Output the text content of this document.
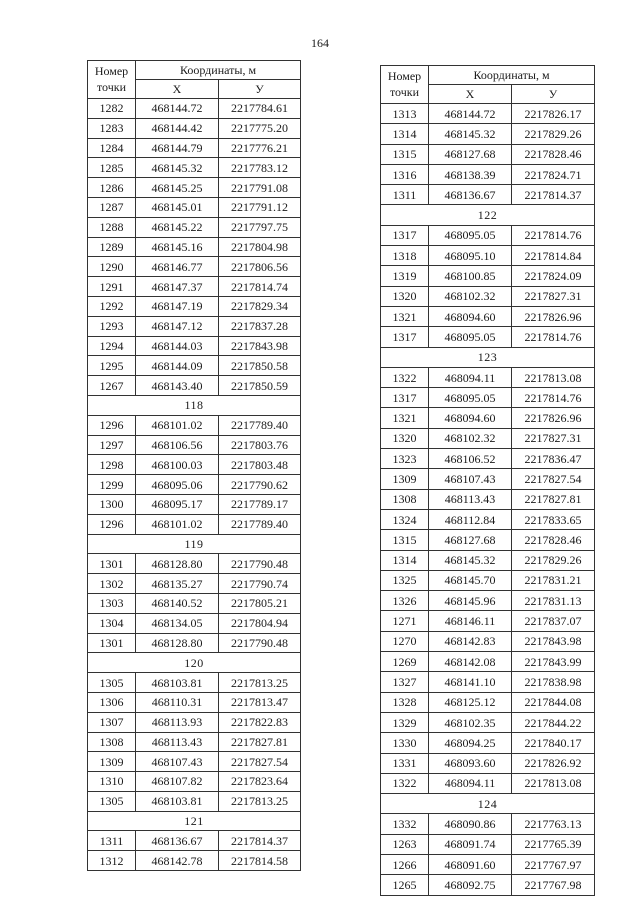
164
Номер
точки	Координаты, м	
	X	У
1282	468144.72	2217784.61
1283	468144.42	2217775.20
1284	468144.79	2217776.21
1285	468145.32	2217783.12
1286	468145.25	2217791.08
1287	468145.01	2217791.12
1288	468145.22	2217797.75
1289	468145.16	2217804.98
1290	468146.77	2217806.56
1291	468147.37	2217814.74
1292	468147.19	2217829.34
1293	468147.12	2217837.28
1294	468144.03	2217843.98
1295	468144.09	2217850.58
1267	468143.40	2217850.59
118		
1296	468101.02	2217789.40
1297	468106.56	2217803.76
1298	468100.03	2217803.48
1299	468095.06	2217790.62
1300	468095.17	2217789.17
1296	468101.02	2217789.40
119		
1301	468128.80	2217790.48
1302	468135.27	2217790.74
1303	468140.52	2217805.21
1304	468134.05	2217804.94
1301	468128.80	2217790.48
120		
1305	468103.81	2217813.25
1306	468110.31	2217813.47
1307	468113.93	2217822.83
1308	468113.43	2217827.81
1309	468107.43	2217827.54
1310	468107.82	2217823.64
1305	468103.81	2217813.25
121		
1311	468136.67	2217814.37
1312	468142.78	2217814.58
Номер
точки	Координаты, м	
	X	У
1313	468144.72	2217826.17
1314	468145.32	2217829.26
1315	468127.68	2217828.46
1316	468138.39	2217824.71
1311	468136.67	2217814.37
122		
1317	468095.05	2217814.76
1318	468095.10	2217814.84
1319	468100.85	2217824.09
1320	468102.32	2217827.31
1321	468094.60	2217826.96
1317	468095.05	2217814.76
123		
1322	468094.11	2217813.08
1317	468095.05	2217814.76
1321	468094.60	2217826.96
1320	468102.32	2217827.31
1323	468106.52	2217836.47
1309	468107.43	2217827.54
1308	468113.43	2217827.81
1324	468112.84	2217833.65
1315	468127.68	2217828.46
1314	468145.32	2217829.26
1325	468145.70	2217831.21
1326	468145.96	2217831.13
1271	468146.11	2217837.07
1270	468142.83	2217843.98
1269	468142.08	2217843.99
1327	468141.10	2217838.98
1328	468125.12	2217844.08
1329	468102.35	2217844.22
1330	468094.25	2217840.17
1331	468093.60	2217826.92
1322	468094.11	2217813.08
124		
1332	468090.86	2217763.13
1263	468091.74	2217765.39
1266	468091.60	2217767.97
1265	468092.75	2217767.98
